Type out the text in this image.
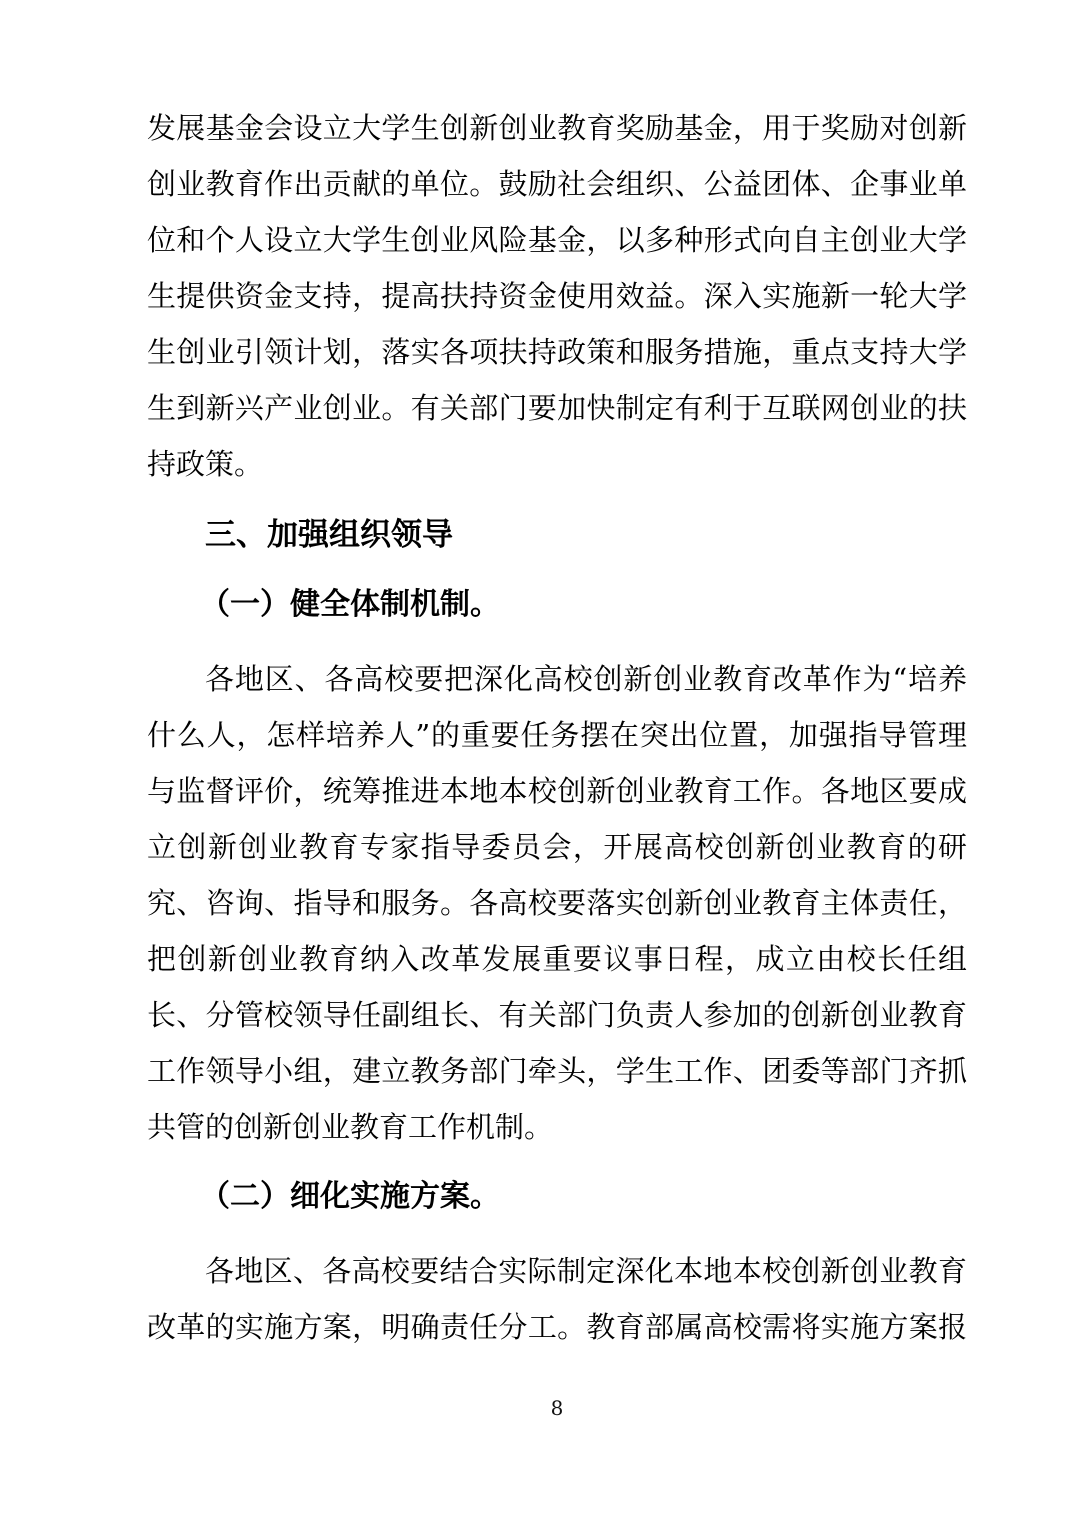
发展基金会设立大学生创新创业教育奖励基金，用于奖励对创新

创业教育作出贡献的单位。鼓励社会组织、公益团体、企事业单

位和个人设立大学生创业风险基金，以多种形式向自主创业大学

生提供资金支持，提高扶持资金使用效益。深入实施新一轮大学

生创业引领计划，落实各项扶持政策和服务措施，重点支持大学

生到新兴产业创业。有关部门要加快制定有利于互联网创业的扶

持政策。

三、加强组织领导
（一）健全体制机制。

各地区、各高校要把深化高校创新创业教育改革作为“培养

什么人，怎样培养人”的重要任务摆在突出位置，加强指导管理

与监督评价，统筹推进本地本校创新创业教育工作。各地区要成

立创新创业教育专家指导委员会，开展高校创新创业教育的研

究、咨询、指导和服务。各高校要落实创新创业教育主体责任，

把创新创业教育纳入改革发展重要议事日程，成立由校长任组

长、分管校领导任副组长、有关部门负责人参加的创新创业教育

工作领导小组，建立教务部门牵头，学生工作、团委等部门齐抓

共管的创新创业教育工作机制。

（二）细化实施方案。

各地区、各高校要结合实际制定深化本地本校创新创业教育

改革的实施方案，明确责任分工。教育部属高校需将实施方案报

8
